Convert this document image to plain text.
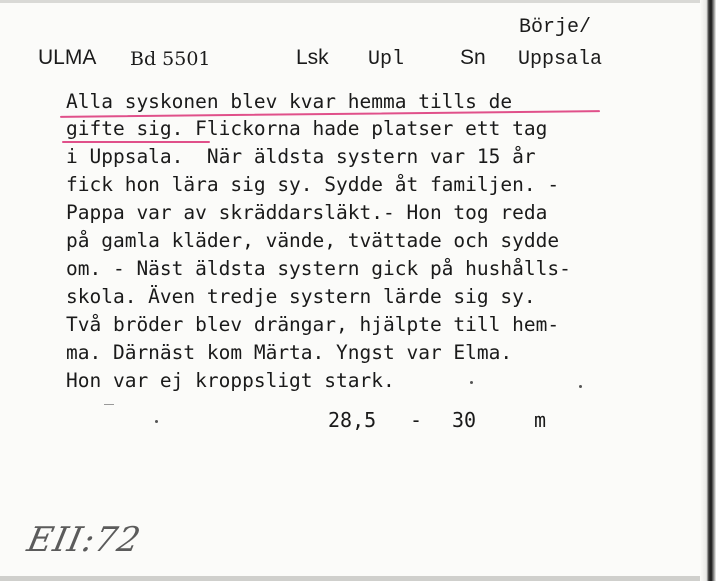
Börje/
ULMA Bd 5501	Lsk Upl	Sn Uppsala
Alla syskonen blev kvar hemma tills de
gifte sig. Flickorna hade platser ett tag
i Uppsala.  När äldsta systern var 15 år
fick hon lära sig sy. Sydde åt familjen. -
Pappa var av skräddarsläkt.- Hon tog reda
på gamla kläder, vände, tvättade och sydde
om. - Näst äldsta systern gick på hushålls-
skola. Även tredje systern lärde sig sy.
Två bröder blev drängar, hjälpte till hem-
ma. Därnäst kom Märta. Yngst var Elma.
Hon var ej kroppsligt stark.
28,5 - 30	m
EII:72
